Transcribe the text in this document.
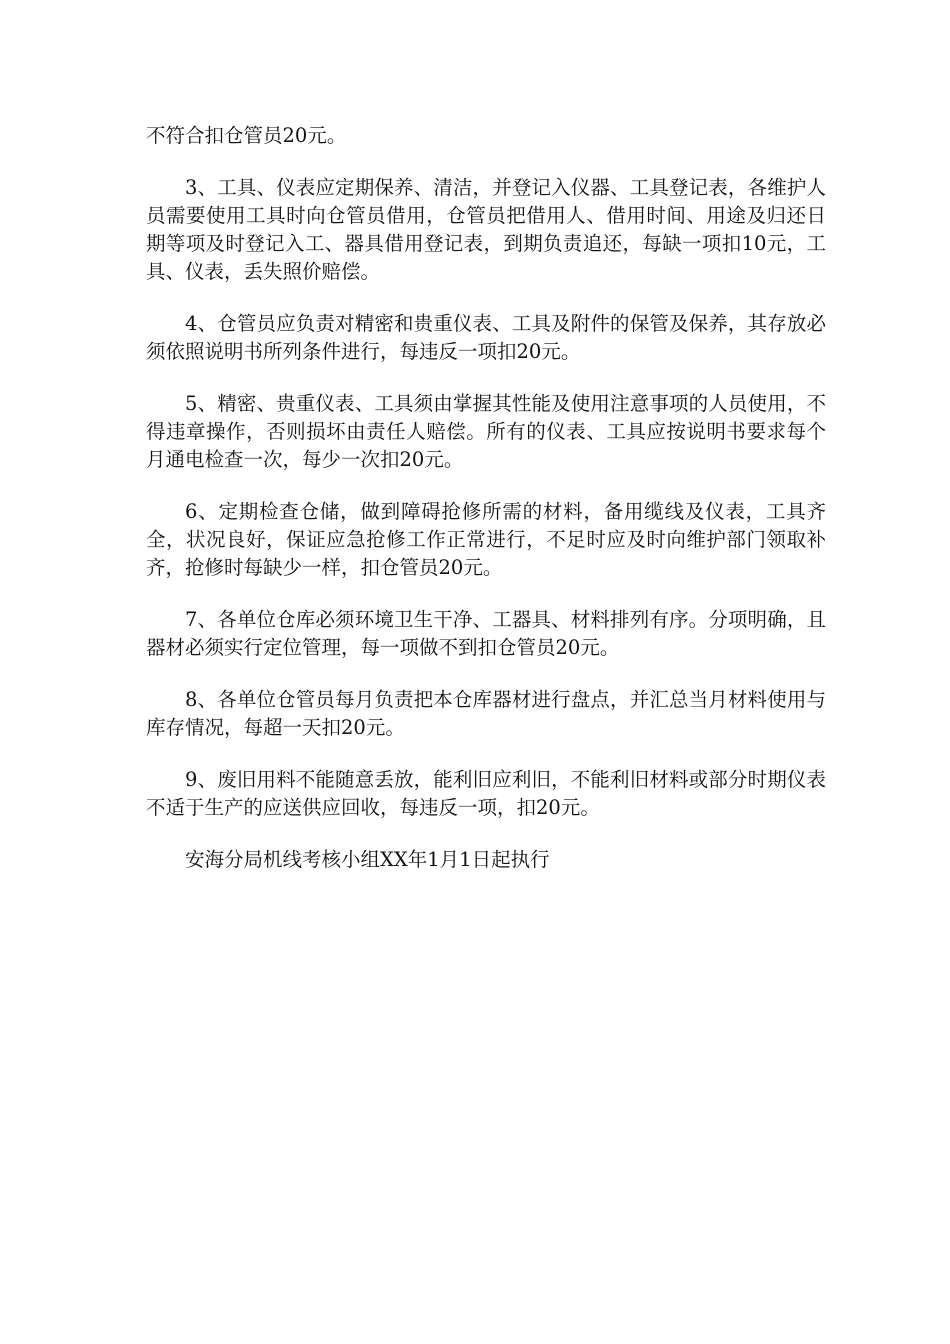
不符合扣仓管员20元。

3、工具、仪表应定期保养、清洁，并登记入仪器、工具登记表，各维护人员需要使用工具时向仓管员借用，仓管员把借用人、借用时间、用途及归还日期等项及时登记入工、器具借用登记表，到期负责追还，每缺一项扣10元，工具、仪表，丢失照价赔偿。

4、仓管员应负责对精密和贵重仪表、工具及附件的保管及保养，其存放必须依照说明书所列条件进行，每违反一项扣20元。

5、精密、贵重仪表、工具须由掌握其性能及使用注意事项的人员使用，不得违章操作，否则损坏由责任人赔偿。所有的仪表、工具应按说明书要求每个月通电检查一次，每少一次扣20元。

6、定期检查仓储，做到障碍抢修所需的材料，备用缆线及仪表，工具齐全，状况良好，保证应急抢修工作正常进行，不足时应及时向维护部门领取补齐，抢修时每缺少一样，扣仓管员20元。

7、各单位仓库必须环境卫生干净、工器具、材料排列有序。分项明确，且器材必须实行定位管理，每一项做不到扣仓管员20元。

8、各单位仓管员每月负责把本仓库器材进行盘点，并汇总当月材料使用与库存情况，每超一天扣20元。

9、废旧用料不能随意丢放，能利旧应利旧，不能利旧材料或部分时期仪表不适于生产的应送供应回收，每违反一项，扣20元。

安海分局机线考核小组XX年1月1日起执行
